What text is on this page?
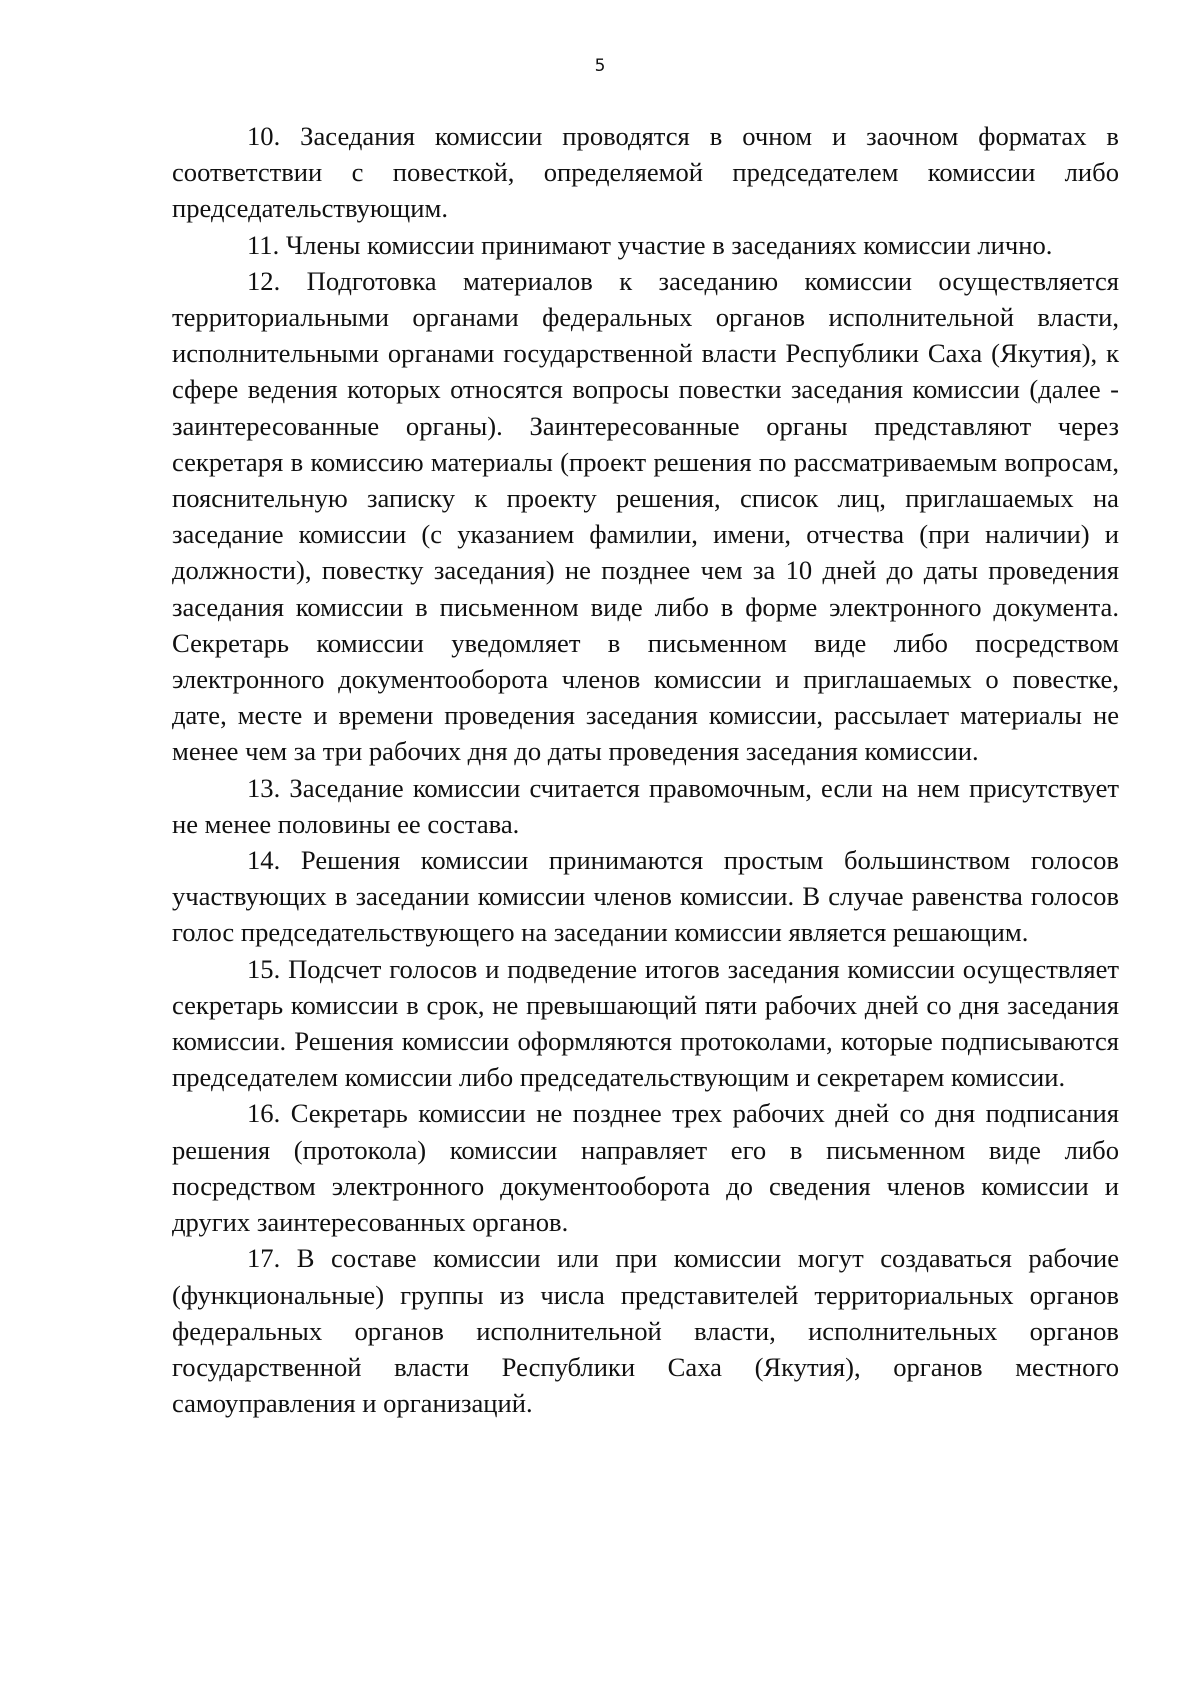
5

10. Заседания комиссии проводятся в очном и заочном форматах в соответствии с повесткой, определяемой председателем комиссии либо председательствующим.

11. Члены комиссии принимают участие в заседаниях комиссии лично.

12. Подготовка материалов к заседанию комиссии осуществляется территориальными органами федеральных органов исполнительной власти, исполнительными органами государственной власти Республики Саха (Якутия), к сфере ведения которых относятся вопросы повестки заседания комиссии (далее - заинтересованные органы). Заинтересованные органы представляют через секретаря в комиссию материалы (проект решения по рассматриваемым вопросам, пояснительную записку к проекту решения, список лиц, приглашаемых на заседание комиссии (с указанием фамилии, имени, отчества (при наличии) и должности), повестку заседания) не позднее чем за 10 дней до даты проведения заседания комиссии в письменном виде либо в форме электронного документа. Секретарь комиссии уведомляет в письменном виде либо посредством электронного документооборота членов комиссии и приглашаемых о повестке, дате, месте и времени проведения заседания комиссии, рассылает материалы не менее чем за три рабочих дня до даты проведения заседания комиссии.

13. Заседание комиссии считается правомочным, если на нем присутствует не менее половины ее состава.

14. Решения комиссии принимаются простым большинством голосов участвующих в заседании комиссии членов комиссии. В случае равенства голосов голос председательствующего на заседании комиссии является решающим.

15. Подсчет голосов и подведение итогов заседания комиссии осуществляет секретарь комиссии в срок, не превышающий пяти рабочих дней со дня заседания комиссии. Решения комиссии оформляются протоколами, которые подписываются председателем комиссии либо председательствующим и секретарем комиссии.

16. Секретарь комиссии не позднее трех рабочих дней со дня подписания решения (протокола) комиссии направляет его в письменном виде либо посредством электронного документооборота до сведения членов комиссии и других заинтересованных органов.

17. В составе комиссии или при комиссии могут создаваться рабочие (функциональные) группы из числа представителей территориальных органов федеральных органов исполнительной власти, исполнительных органов государственной власти Республики Саха (Якутия), органов местного самоуправления и организаций.
